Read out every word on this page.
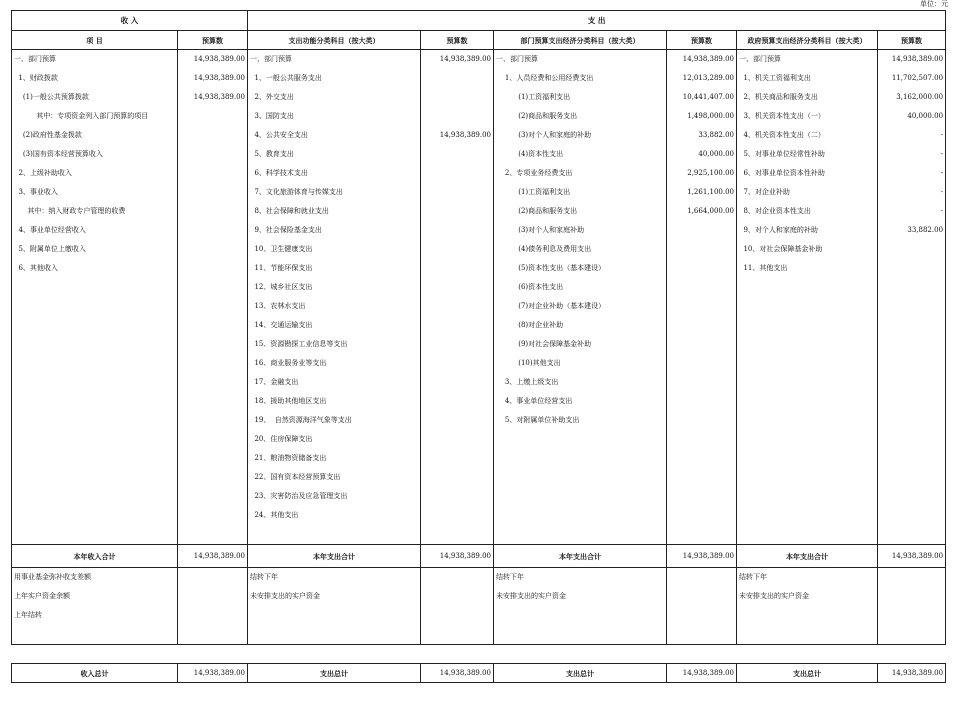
单位：元
收 入		支 出					
项 目	预算数	支出功能分类科目（按大类）	预算数	部门预算支出经济分类科目（按大类）	预算数	政府预算支出经济分类科目（按大类）	预算数
一、部门预算	14,938,389.00	一、部门预算	14,938,389.00	一、部门预算	14,938,389.00	一、部门预算	14,938,389.00
1、财政拨款	14,938,389.00	1、一般公共服务支出		1、人员经费和公用经费支出	12,013,289.00	1、机关工资福利支出	11,702,507.00
(1)一般公共预算拨款	14,938,389.00	2、外交支出		(1)工资福利支出	10,441,407.00	2、机关商品和服务支出	3,162,000.00
其中：专项资金列入部门预算的项目		3、国防支出		(2)商品和服务支出	1,498,000.00	3、机关资本性支出（一）	40,000.00
(2)政府性基金拨款		4、公共安全支出	14,938,389.00	(3)对个人和家庭的补助	33,882.00	4、机关资本性支出（二）	-
(3)国有资本经营预算收入		5、教育支出		(4)资本性支出	40,000.00	5、对事业单位经常性补助	-
2、上级补助收入		6、科学技术支出		2、专项业务经费支出	2,925,100.00	6、对事业单位资本性补助	-
3、事业收入		7、文化旅游体育与传媒支出		(1)工资福利支出	1,261,100.00	7、对企业补助	-
其中：纳入财政专户管理的收费		8、社会保障和就业支出		(2)商品和服务支出	1,664,000.00	8、对企业资本性支出	-
4、事业单位经营收入		9、社会保险基金支出		(3)对个人和家庭补助		9、对个人和家庭的补助	33,882.00
5、附属单位上缴收入		10、卫生健康支出		(4)债务利息及费用支出		10、对社会保障基金补助	
6、其他收入		11、节能环保支出		(5)资本性支出（基本建设）		11、其他支出	
		12、城乡社区支出		(6)资本性支出			
		13、农林水支出		(7)对企业补助（基本建设）			
		14、交通运输支出		(8)对企业补助			
		15、资源勘探工业信息等支出		(9)对社会保障基金补助			
		16、商业服务业等支出		(10)其他支出			
		17、金融支出		3、上缴上级支出			
		18、援助其他地区支出		4、事业单位经营支出			
		19、  自然资源海洋气象等支出		5、对附属单位补助支出			
		20、住房保障支出					
		21、粮油物资储备支出					
		22、国有资本经营预算支出					
		23、灾害防治及应急管理支出					
		24、其他支出					

本年收入合计	14,938,389.00	本年支出合计	14,938,389.00	本年支出合计	14,938,389.00	本年支出合计	14,938,389.00
用事业基金弥补收支差额		结转下年		结转下年		结转下年	
上年实户资金余额		未安排支出的实户资金		未安排支出的实户资金		未安排支出的实户资金	
上年结转							

收入总计	14,938,389.00	支出总计	14,938,389.00	支出总计	14,938,389.00	支出总计	14,938,389.00
